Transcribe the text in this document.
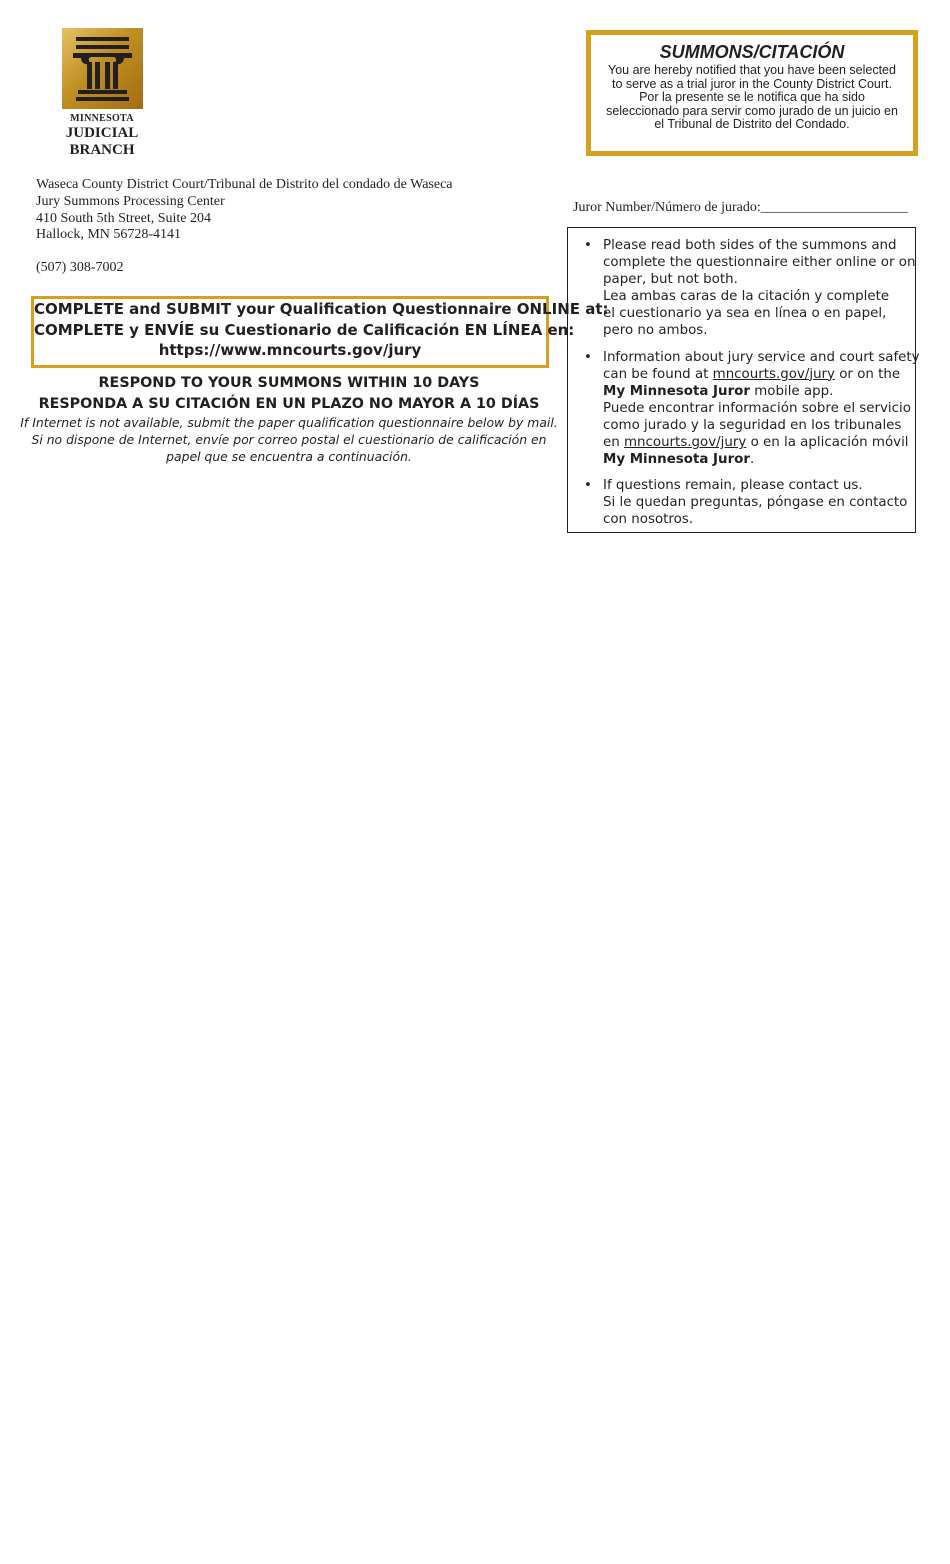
MINNESOTA
JUDICIAL
BRANCH
SUMMONS/CITACIÓN
You are hereby notified that you have been selected to serve as a trial juror in the County District Court.
Por la presente se le notifica que ha sido seleccionado para servir como jurado de un juicio en el Tribunal de Distrito del Condado.
Waseca County District Court/Tribunal de Distrito del condado de Waseca
Jury Summons Processing Center
410 South 5th Street, Suite 204
Hallock, MN 56728-4141
(507) 308-7002
COMPLETE and SUBMIT your Qualification Questionnaire ONLINE at:
COMPLETE y ENVÍE su Cuestionario de Calificación EN LÍNEA en:
https://www.mncourts.gov/jury
RESPOND TO YOUR SUMMONS WITHIN 10 DAYS
RESPONDA A SU CITACIÓN EN UN PLAZO NO MAYOR A 10 DÍAS
If Internet is not available, submit the paper qualification questionnaire below by mail.
Si no dispone de Internet, envíe por correo postal el cuestionario de calificación en papel que se encuentra a continuación.
Juror Number/Número de jurado:_____________________
• Please read both sides of the summons and
complete the questionnaire either online or on
paper, but not both.
Lea ambas caras de la citación y complete
el cuestionario ya sea en línea o en papel,
pero no ambos.
• Information about jury service and court safety
can be found at mncourts.gov/jury or on the
My Minnesota Juror mobile app.
Puede encontrar información sobre el servicio
como jurado y la seguridad en los tribunales
en mncourts.gov/jury o en la aplicación móvil
My Minnesota Juror.
• If questions remain, please contact us.
Si le quedan preguntas, póngase en contacto
con nosotros.
